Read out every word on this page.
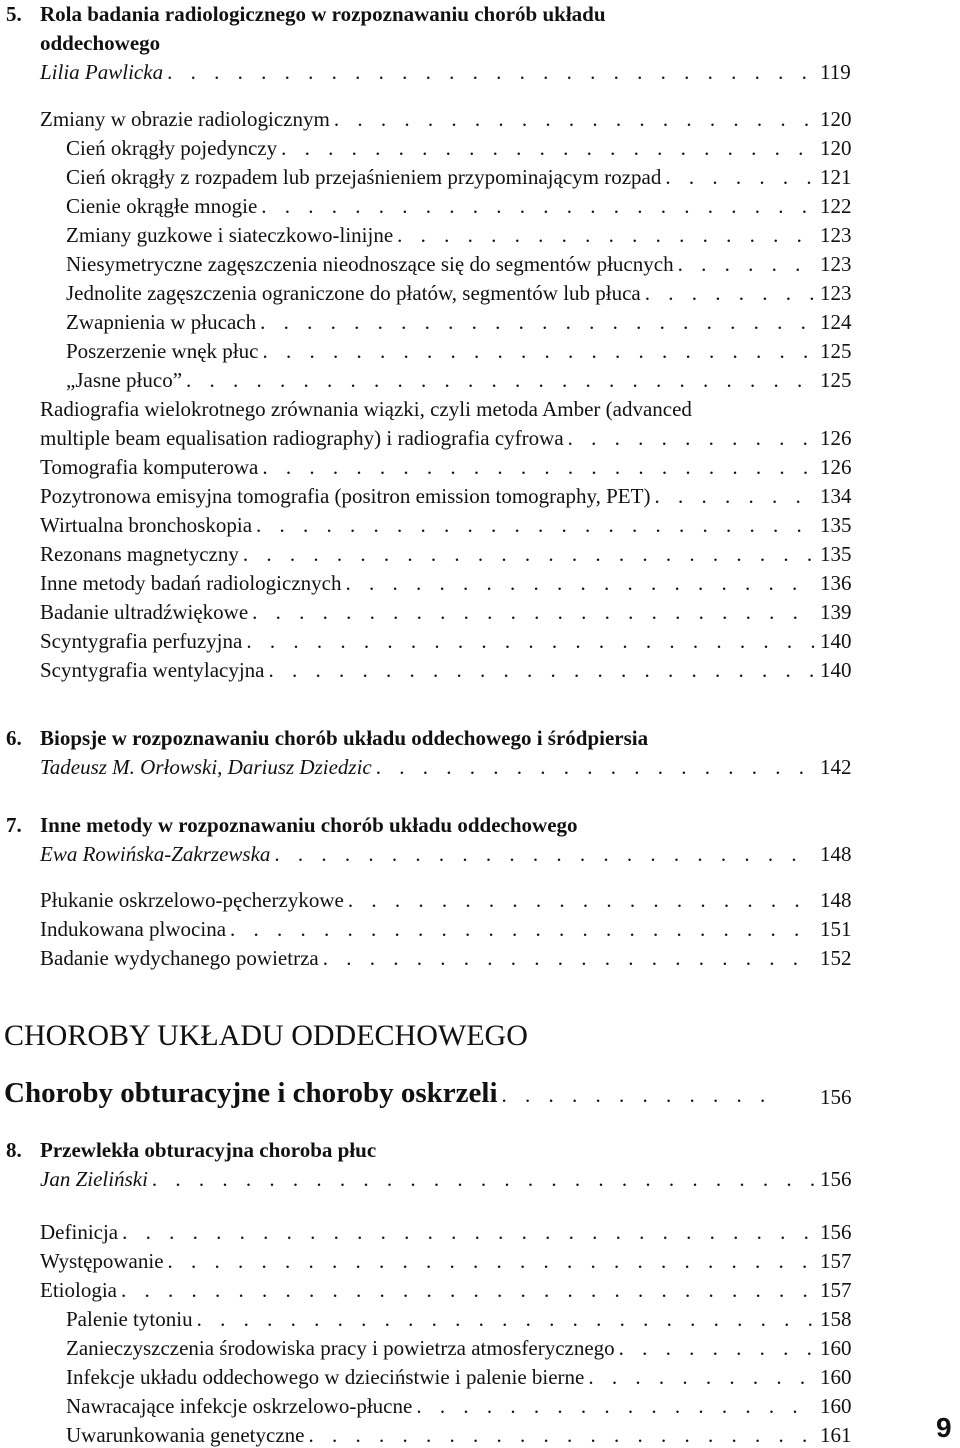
5. Rola badania radiologicznego w rozpoznawaniu chorób układu
oddechowego
Lilia Pawlicka . . .	119
Zmiany w obrazie radiologicznym . . .	120
Cień okrągły pojedynczy . . .	120
Cień okrągły z rozpadem lub przejaśnieniem przypominającym rozpad . . .	121
Cienie okrągłe mnogie . . .	122
Zmiany guzkowe i siateczkowo-linijne . . .	123
Niesymetryczne zagęszczenia nieodnoszące się do segmentów płucnych . . .	123
Jednolite zagęszczenia ograniczone do płatów, segmentów lub płuca . . .	123
Zwapnienia w płucach . . .	124
Poszerzenie wnęk płuc . . .	125
„Jasne płuco” . . .	125
Radiografia wielokrotnego zrównania wiązki, czyli metoda Amber (advanced
multiple beam equalisation radiography) i radiografia cyfrowa . . .	126
Tomografia komputerowa . . .	126
Pozytronowa emisyjna tomografia (positron emission tomography, PET) . . .	134
Wirtualna bronchoskopia . . .	135
Rezonans magnetyczny . . .	135
Inne metody badań radiologicznych . . .	136
Badanie ultradźwiękowe . . .	139
Scyntygrafia perfuzyjna . . .	140
Scyntygrafia wentylacyjna . . .	140
6. Biopsje w rozpoznawaniu chorób układu oddechowego i śródpiersia
Tadeusz M. Orłowski, Dariusz Dziedzic . . .	142
7. Inne metody w rozpoznawaniu chorób układu oddechowego
Ewa Rowińska-Zakrzewska . . .	148
Płukanie oskrzelowo-pęcherzykowe . . .	148
Indukowana plwocina . . .	151
Badanie wydychanego powietrza . . .	152
CHOROBY UKŁADU ODDECHOWEGO
Choroby obturacyjne i choroby oskrzeli . . .	156
8. Przewlekła obturacyjna choroba płuc
Jan Zieliński . . .	156
Definicja . . .	156
Występowanie . . .	157
Etiologia . . .	157
Palenie tytoniu . . .	158
Zanieczyszczenia środowiska pracy i powietrza atmosferycznego . . .	160
Infekcje układu oddechowego w dzieciństwie i palenie bierne . . .	160
Nawracające infekcje oskrzelowo-płucne . . .	160
Uwarunkowania genetyczne . . .	161	9
